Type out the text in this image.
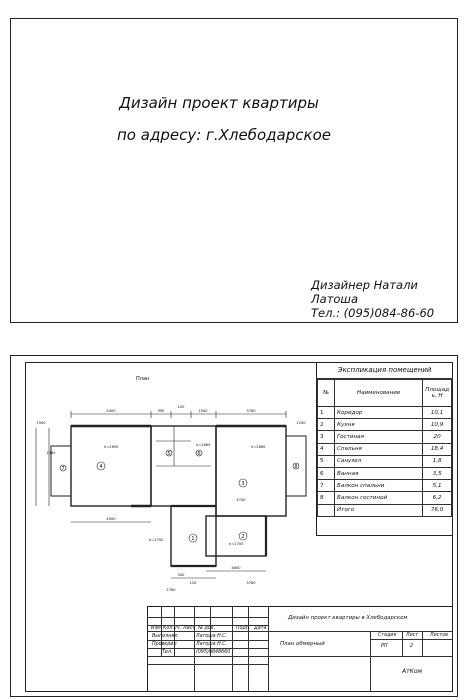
Дизайн проект квартиры
по адресу: г.Хлебодарское
Дизайнер Натали Латоша
Тел.: (095)084-86-60
План
4
5	6
3
2
1
7	8
h=2690	h=2660	h=2660
h=2700
h=2700
4400	990
120
1940	3780
4500
4740
4800
1360
1940	1240
340
120
2780
3780
Экспликация помещений
№	Наименование	Площад ь, Н
1	Коридор	10,1
2	Кухня	10,9
3	Гостиная	20
4	Спальня	18,4
5	Санузел	1,8
6	Ванная	3,5
7	Балкон спальни	5,1
8	Балкон гостиной	6,2
	Итого	76,0
Дизайн проект квартиры в Хлебодарском
План обмерный
Изм. Кол.уч. Лист № док.	Подп. Дата
Выполнил	Латоша Н.С.
Проверил	Латоша Н.С.
Тел.	(095)0848660
Стадия Лист Листов
РП	2
АтКом
